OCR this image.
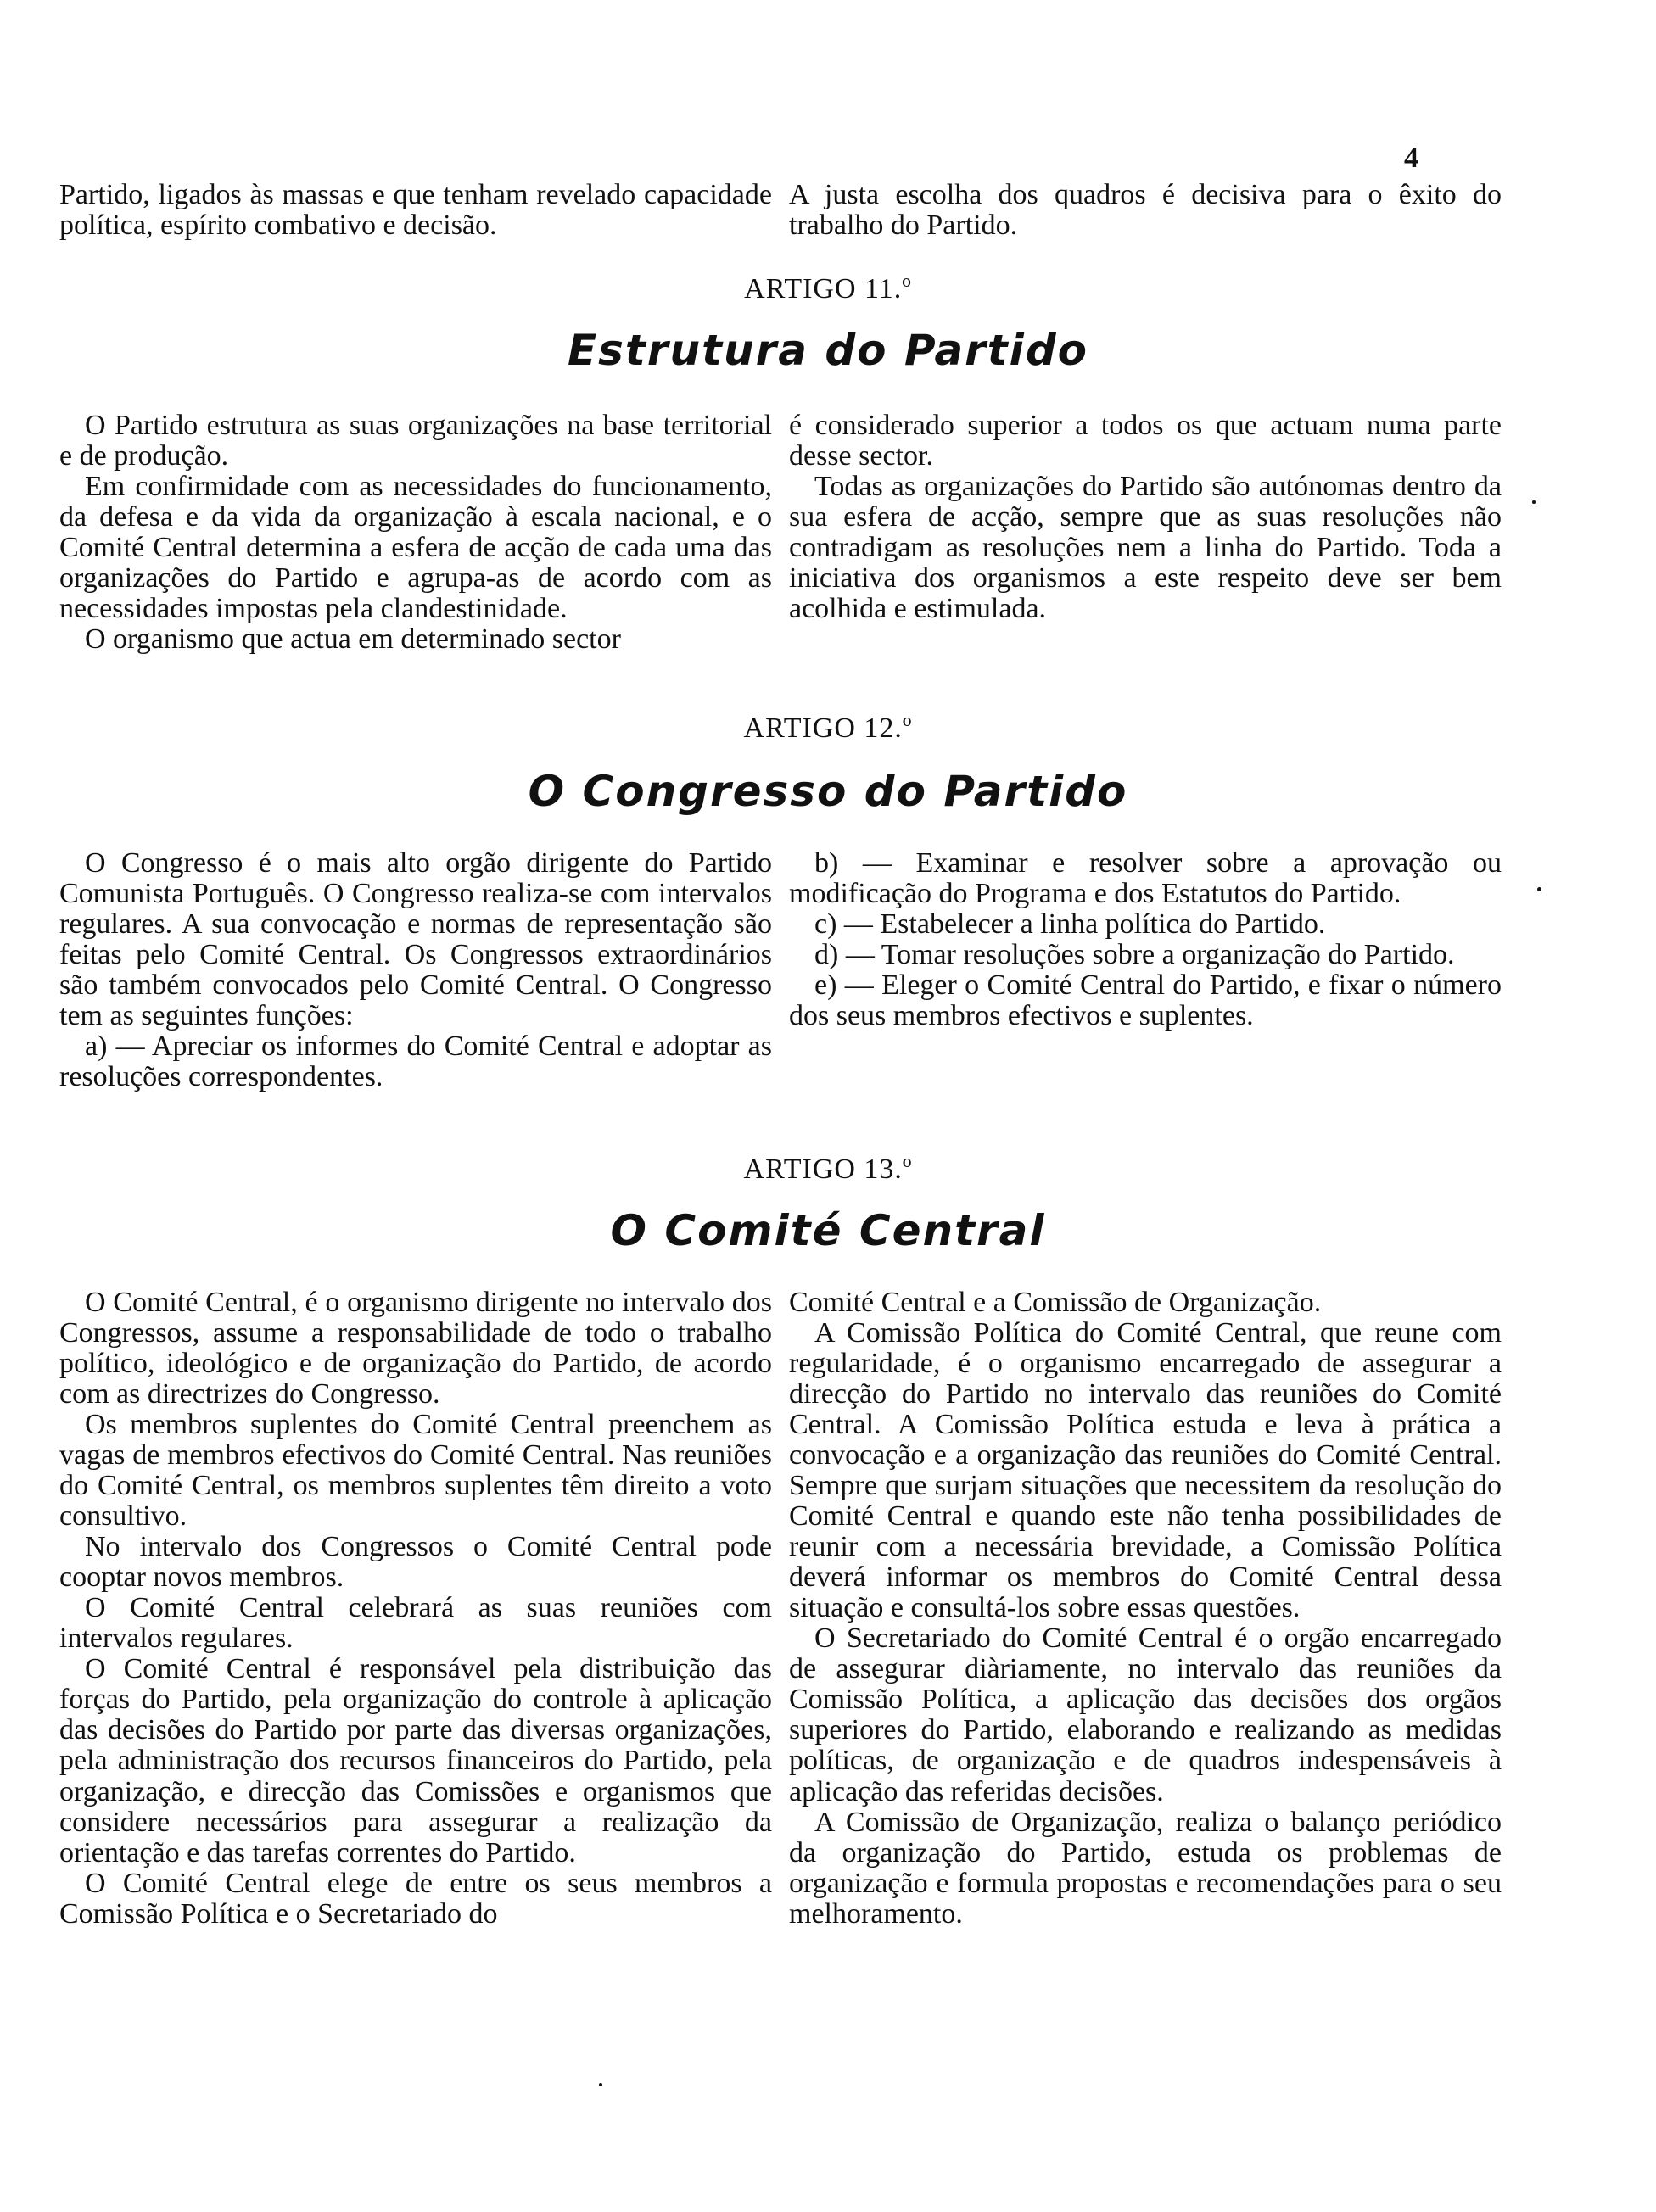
4

Partido, ligados às massas e que tenham revelado capacidade política, espírito combativo e decisão.

A justa escolha dos quadros é decisiva para o êxito do trabalho do Partido.

ARTIGO 11.º
Estrutura do Partido

O Partido estrutura as suas organizações na base territorial e de produção.

Em confirmidade com as necessidades do funcionamento, da defesa e da vida da organização à escala nacional, e o Comité Central determina a esfera de acção de cada uma das organizações do Partido e agrupa-as de acordo com as necessidades impostas pela clandestinidade.

O organismo que actua em determinado sector

é considerado superior a todos os que actuam numa parte desse sector.

Todas as organizações do Partido são autónomas dentro da sua esfera de acção, sempre que as suas resoluções não contradigam as resoluções nem a linha do Partido. Toda a iniciativa dos organismos a este respeito deve ser bem acolhida e estimulada.

ARTIGO 12.º
O Congresso do Partido

O Congresso é o mais alto orgão dirigente do Partido Comunista Português. O Congresso realiza-se com intervalos regulares. A sua convocação e normas de representação são feitas pelo Comité Central. Os Congressos extraordinários são também convocados pelo Comité Central. O Congresso tem as seguintes funções:

a) — Apreciar os informes do Comité Central e adoptar as resoluções correspondentes.

b) — Examinar e resolver sobre a aprovação ou modificação do Programa e dos Estatutos do Partido.

c) — Estabelecer a linha política do Partido.

d) — Tomar resoluções sobre a organização do Partido.

e) — Eleger o Comité Central do Partido, e fixar o número dos seus membros efectivos e suplentes.

ARTIGO 13.º
O Comité Central

O Comité Central, é o organismo dirigente no intervalo dos Congressos, assume a responsabilidade de todo o trabalho político, ideológico e de organização do Partido, de acordo com as directrizes do Congresso.

Os membros suplentes do Comité Central preenchem as vagas de membros efectivos do Comité Central. Nas reuniões do Comité Central, os membros suplentes têm direito a voto consultivo.

No intervalo dos Congressos o Comité Central pode cooptar novos membros.

O Comité Central celebrará as suas reuniões com intervalos regulares.

O Comité Central é responsável pela distribuição das forças do Partido, pela organização do controle à aplicação das decisões do Partido por parte das diversas organizações, pela administração dos recursos financeiros do Partido, pela organização, e direcção das Comissões e organismos que considere necessários para assegurar a realização da orientação e das tarefas correntes do Partido.

O Comité Central elege de entre os seus membros a Comissão Política e o Secretariado do

Comité Central e a Comissão de Organização.

A Comissão Política do Comité Central, que reune com regularidade, é o organismo encarregado de assegurar a direcção do Partido no intervalo das reuniões do Comité Central. A Comissão Política estuda e leva à prática a convocação e a organização das reuniões do Comité Central. Sempre que surjam situações que necessitem da resolução do Comité Central e quando este não tenha possibilidades de reunir com a necessária brevidade, a Comissão Política deverá informar os membros do Comité Central dessa situação e consultá-los sobre essas questões.

O Secretariado do Comité Central é o orgão encarregado de assegurar diàriamente, no intervalo das reuniões da Comissão Política, a aplicação das decisões dos orgãos superiores do Partido, elaborando e realizando as medidas políticas, de organização e de quadros indespensáveis à aplicação das referidas decisões.

A Comissão de Organização, realiza o balanço periódico da organização do Partido, estuda os problemas de organização e formula propostas e recomendações para o seu melhoramento.
